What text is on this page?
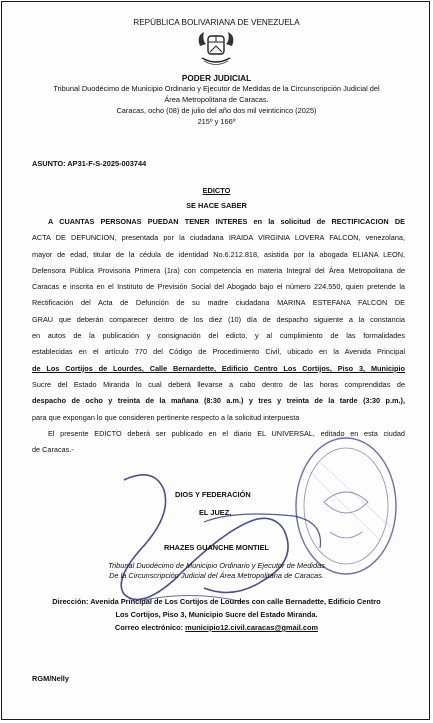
REPÚBLICA BOLIVARIANA DE VENEZUELA
PODER JUDICIAL
Tribunal Duodécimo de Municipio Ordinario y Ejecutor de Medidas de la Circunscripción Judicial del
Área Metropolitana de Caracas.
Caracas, ocho (08) de julio del año dos mil veinticinco (2025)
215º y 166º
ASUNTO: AP31-F-S-2025-003744
EDICTO
SE HACE SABER
A CUANTAS PERSONAS PUEDAN TENER INTERES en la solicitud de RECTIFICACION DE
ACTA DE DEFUNCION, presentada por la ciudadana IRAIDA VIRGINIA LOVERA FALCON, venezolana,
mayor de edad, titular de la cédula de identidad No.6.212.818, asistida por la abogada ELIANA LEON,
Defensora Pública Provisoria Primera (1ra) con competencia en materia Integral del Área Metropolitana de
Caracas e inscrita en el Instituto de Previsión Social del Abogado bajo el número 224.550, quien pretende la
Rectificación del Acta de Defunción de su madre ciudadana MARINA ESTEFANA FALCON DE
GRAU que deberán comparecer dentro de los diez (10) día de despacho siguiente a la constancia
en autos de la publicación y consignación del edicto, y al cumplimiento de las formalidades
establecidas en el artículo 770 del Código de Procedimiento Civil, ubicado en la Avenida Principal
de Los Cortijos de Lourdes, Calle Bernardette, Edificio Centro Los Cortijos, Piso 3, Municipio
Sucre del Estado Miranda lo cual deberá llevarse a cabo dentro de las horas comprendidas de
despacho de ocho y treinta de la mañana (8:30 a.m.) y tres y treinta de la tarde (3:30 p.m.),
para que expongan lo que consideren pertinente respecto a la solicitud interpuesta
El presente EDICTO deberá ser publicado en el diario EL UNIVERSAL, editado en esta ciudad
de Caracas.-
DIOS Y FEDERACIÓN
EL JUEZ,
RHAZES GUANCHE MONTIEL
Tribunal Duodécimo de Municipio Ordinario y Ejecutor de Medidas
De la Circunscripción Judicial del Área Metropolitana de Caracas.
Dirección: Avenida Principal de Los Cortijos de Lourdes con calle Bernadette, Edificio Centro
Los Cortijos, Piso 3, Municipio Sucre del Estado Miranda.
Correo electrónico: municipio12.civil.caracas@gmail.com
RGM/Nelly
